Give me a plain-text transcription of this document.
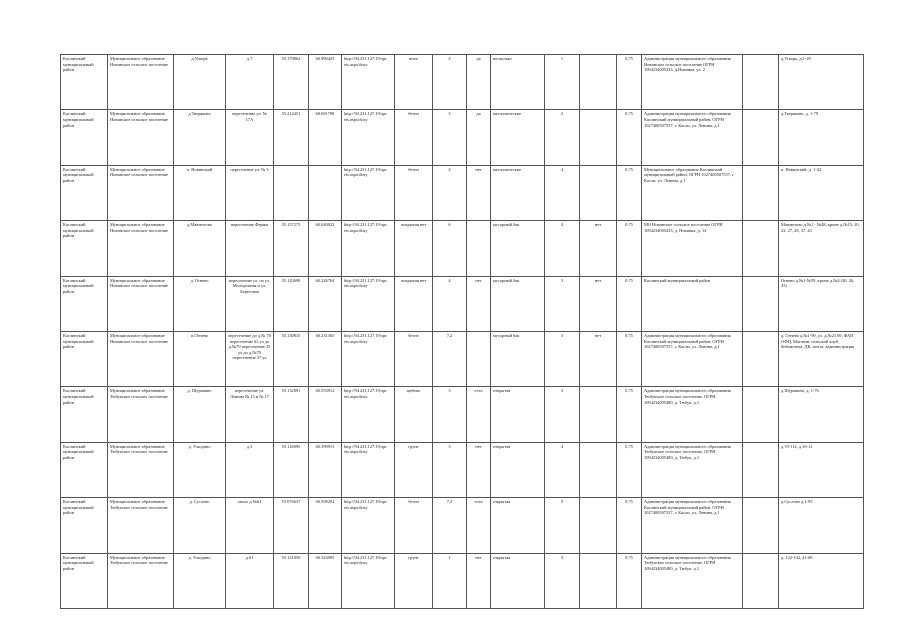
Каслинский муниципальный район	Муниципальное образование Новинское сельское поселение	д.Ускорь	д.7	55.179862	60.990425	http://94.231.127.19/opr ets.aspx/dosy	иное	4	да	несколько	1		0,75	Администрация муниципального образования Новинское сельское поселение ОГРН 1094234005433, д.Новинка, ул. 2		д.Ускорь, д.1-29
Каслинский муниципальный район	Муниципальное образование Новинское сельское поселение	д.Тверяково	пересечение ул. № 17А	55.214451	60.691798	http://94.231.127.19/opr ets.aspx/dosy	бетон	3	да	металлические	3		0,75	Администрация муниципального образования Каслинский муниципальный район, ОГРН 1027400507557, г. Касли, ул. Ленина, д.1		д.Тверяково, д. 1-79
Каслинский муниципальный район	Муниципальное образование Новинское сельское поселение	п. Новинский	пересечение ул. № 3			http://94.231.127.19/opr ets.aspx/dosy	бетон	4	нет	металлические	4		0,75	Муниципальное образование Каслинский муниципальный район, ОГРН 1027400507557, г. Касли, ул. Ленина, д.1		п. Новинский, д. 1-32
Каслинский муниципальный район	Муниципальное образование Новинское сельское поселение	д.Мавлютово	пересечение Фермы	55.157275	60.640022	http://94.231.127.19/opr ets.aspx/dosy	покрытия нет	6		мусорный бак	4	нет	0,75	МО Новинское сельское поселение ОГРН 1094234005433, д. Новинка, д. 14		Мавлютово д.№1 - №48, кроме д.№15, 20, 22, 27, 28, 37, 43
Каслинский муниципальный район	Муниципальное образование Новинское сельское поселение	д. Огнево	пересечение ул. по ул. Молодежная и ул. Береговая	55.143690	60.226764	http://94.231.127.19/opr ets.aspx/dosy	покрытия нет	4	нет	мусорный бак	3	нет	0,75	Каслинский муниципальный район		Огнево д.№1-№59, кроме д.№4 (20, 26, 35)
Каслинский муниципальный район	Муниципальное образование Новинское сельское поселение	п.Огнево	пересечение до д.№ 76 пересечение 62 ул до д.№79 пересечение 35 ул до д.№79 пересечение 37 ул	55.130815	60.231365	http://94.231.127.19/opr ets.aspx/dosy	бетон	7,2		мусорный бак	3	нет	0,75	Администрация муниципального образования Каслинский муниципальный район, ОГРН 1027400507557, г. Касли, ул. Ленина, д.1		д. Огнево д.№1-99, ул. д.№21,69, ФАП ОФЦ, Магазин, сельский клуб, библиотека, ДК, почта, администрация
Каслинский муниципальный район	Муниципальное образование Тюбукское сельское поселение	д. Шуравино	пересечение ул. Ленина № 15 и № 17	55.132091	60.553912	http://94.231.127.19/opr ets.aspx/dosy	щебень	3	есть	открытая	3		0,75	Администрация муниципального образования Тюбукское сельское поселение, ОГРН 1094234005480, д. Тюбук, д.1		д.Шуравино, д. 1-76
Каслинский муниципальный район	Муниципальное образование Тюбукское сельское поселение	д. Ускодино	д.3	55.126095	60.599913	http://94.231.127.19/opr ets.aspx/dosy	грунт	3	нет	открытая	4		0,75	Администрация муниципального образования Тюбукское сельское поселение, ОГРН 1094234005480, д. Тюбук, д.1		д.70-112, д.16-12
Каслинский муниципальный район	Муниципальное образование Тюбукское сельское поселение	д. Суслово	около д.№62	55.076637	60.508282	http://94.231.127.19/opr ets.aspx/dosy	бетон	7,2	есть	открытая	5		0,75	Администрация муниципального образования Каслинский муниципальный район, ОГРН 1027400507557, г. Касли, ул. Ленина, д.1		д.Суслово д.1-95
Каслинский муниципальный район	Муниципальное образование Тюбукское сельское поселение	д. Ускодино	д.61	55.131050	60.543985	http://94.231.127.19/opr ets.aspx/dosy	грунт	1	нет	открытая	3		0,75	Администрация муниципального образования Тюбукское сельское поселение, ОГРН 1094234005480, д. Тюбук, д.1		д. 122-142, 41-69
